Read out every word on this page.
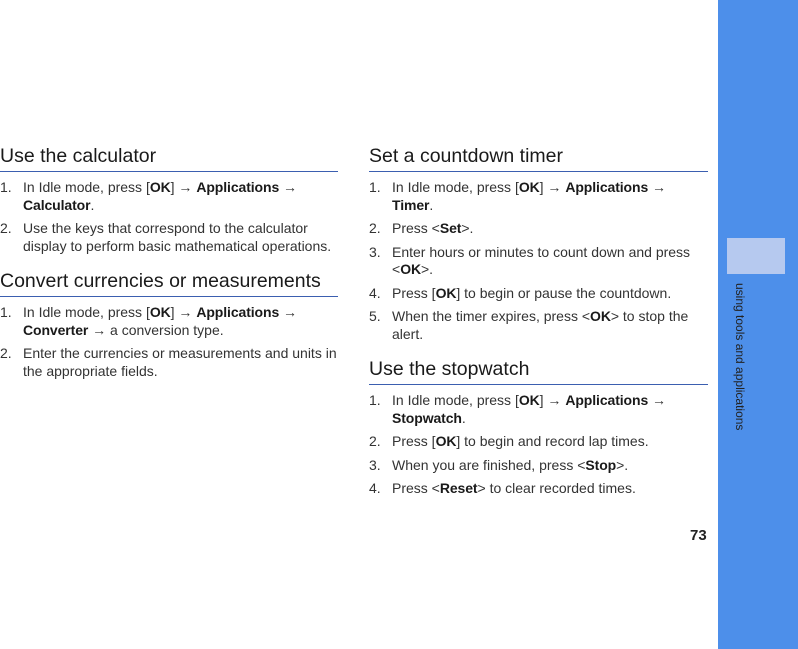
using tools and applications
Use the calculator
1. In Idle mode, press [OK] → Applications → Calculator.
2. Use the keys that correspond to the calculator display to perform basic mathematical operations.
Convert currencies or measurements
1. In Idle mode, press [OK] → Applications → Converter → a conversion type.
2. Enter the currencies or measurements and units in the appropriate fields.
Set a countdown timer
1. In Idle mode, press [OK] → Applications → Timer.
2. Press <Set>.
3. Enter hours or minutes to count down and press <OK>.
4. Press [OK] to begin or pause the countdown.
5. When the timer expires, press <OK> to stop the alert.
Use the stopwatch
1. In Idle mode, press [OK] → Applications → Stopwatch.
2. Press [OK] to begin and record lap times.
3. When you are finished, press <Stop>.
4. Press <Reset> to clear recorded times.
73
